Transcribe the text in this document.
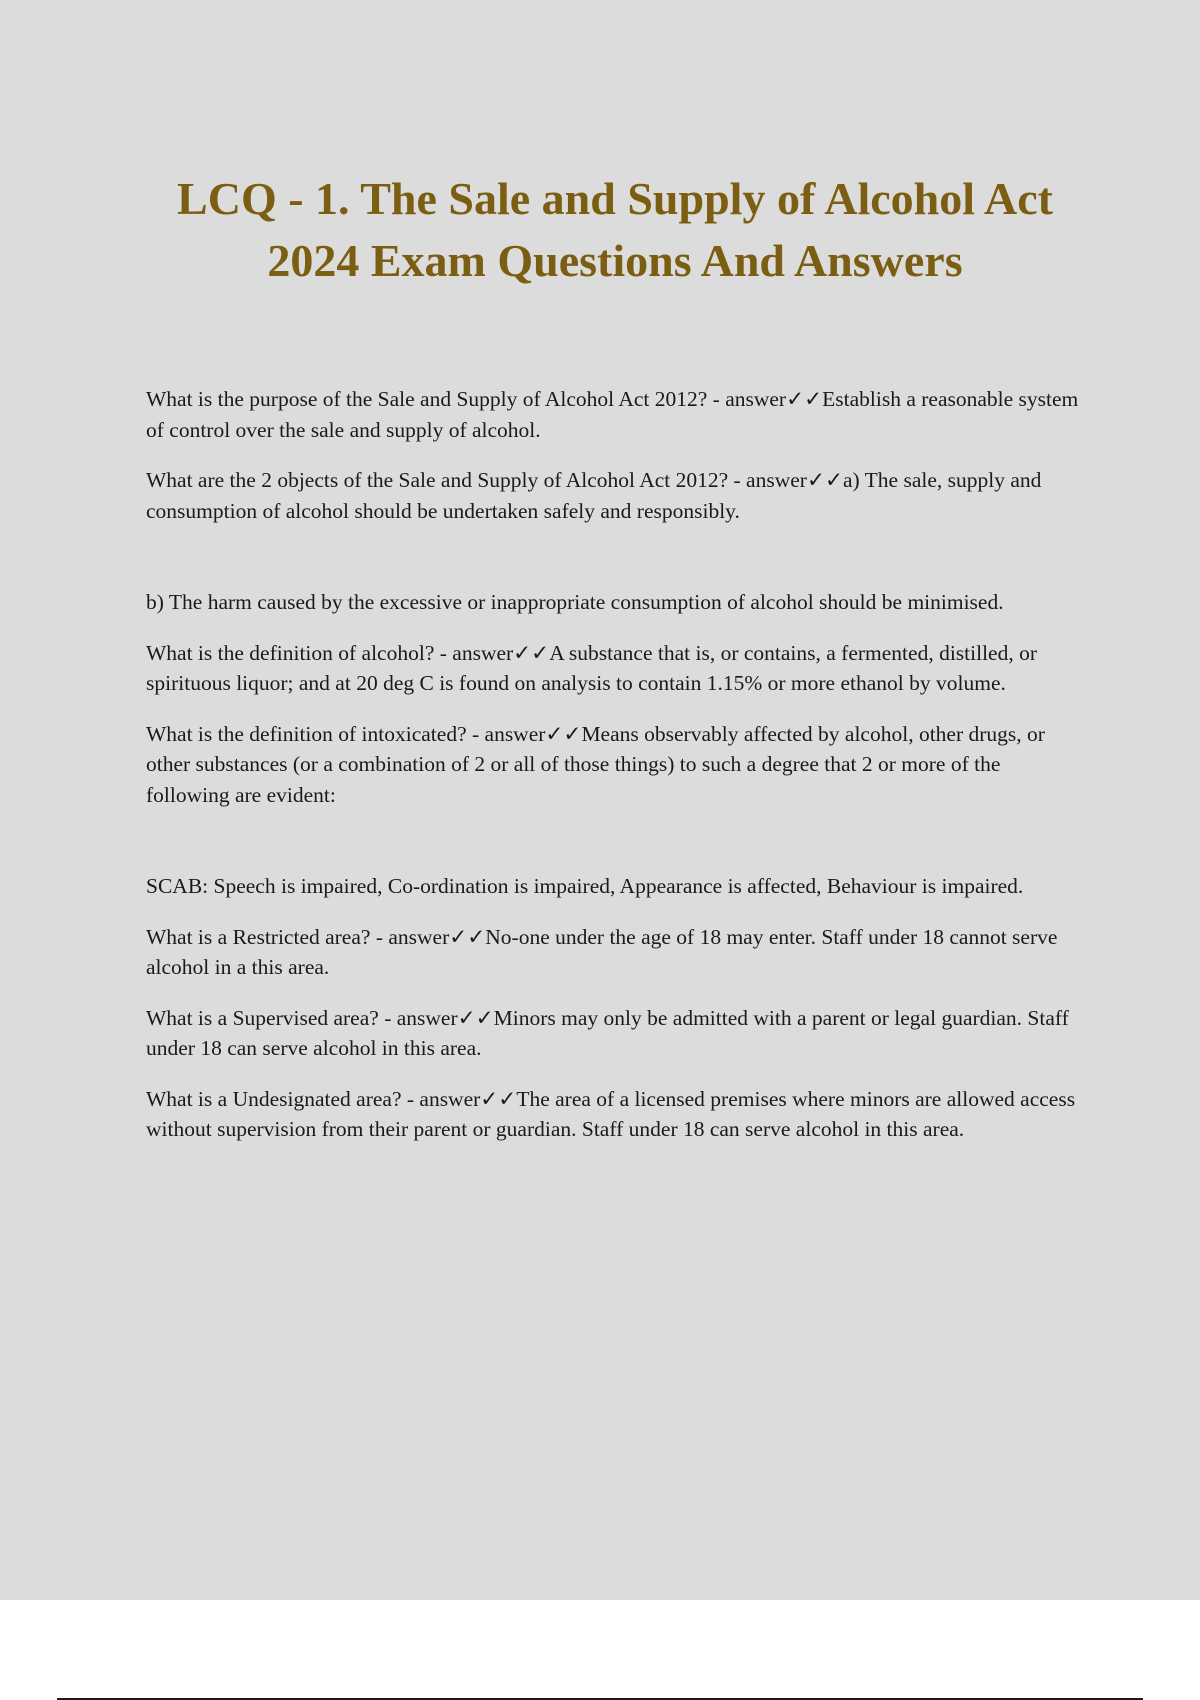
LCQ - 1. The Sale and Supply of Alcohol Act
2024 Exam Questions And Answers

What is the purpose of the Sale and Supply of Alcohol Act 2012? - answer✓✓Establish a reasonable system of control over the sale and supply of alcohol.

What are the 2 objects of the Sale and Supply of Alcohol Act 2012? - answer✓✓a) The sale, supply and consumption of alcohol should be undertaken safely and responsibly.

b) The harm caused by the excessive or inappropriate consumption of alcohol should be minimised.

What is the definition of alcohol? - answer✓✓A substance that is, or contains, a fermented, distilled, or spirituous liquor; and at 20 deg C is found on analysis to contain 1.15% or more ethanol by volume.

What is the definition of intoxicated? - answer✓✓Means observably affected by alcohol, other drugs, or other substances (or a combination of 2 or all of those things) to such a degree that 2 or more of the following are evident:

SCAB: Speech is impaired, Co-ordination is impaired, Appearance is affected, Behaviour is impaired.

What is a Restricted area? - answer✓✓No-one under the age of 18 may enter. Staff under 18 cannot serve alcohol in a this area.

What is a Supervised area? - answer✓✓Minors may only be admitted with a parent or legal guardian. Staff under 18 can serve alcohol in this area.

What is a Undesignated area? - answer✓✓The area of a licensed premises where minors are allowed access without supervision from their parent or guardian. Staff under 18 can serve alcohol in this area.
